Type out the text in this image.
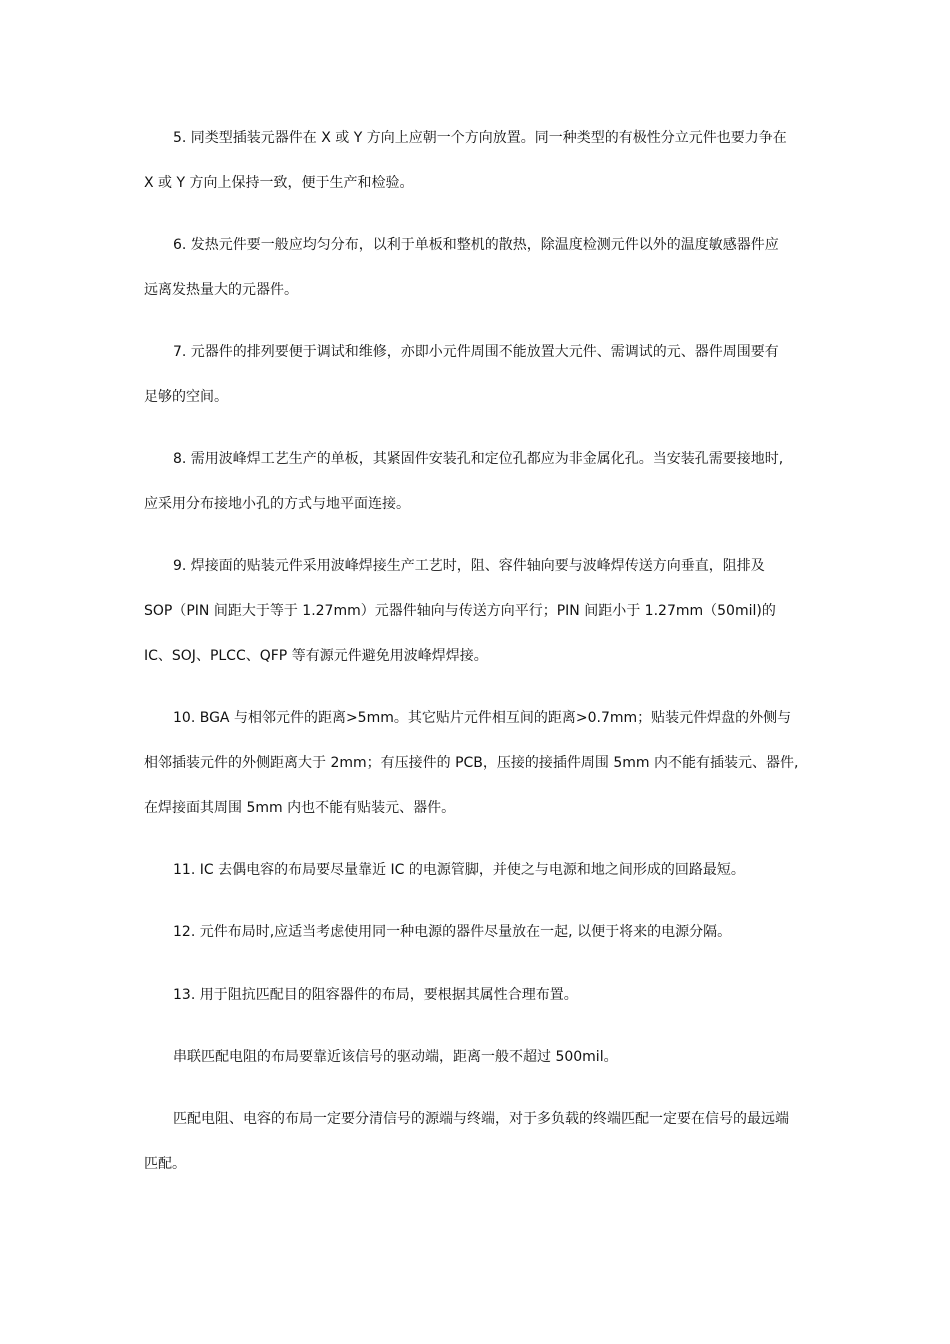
5. 同类型插装元器件在 X 或 Y 方向上应朝一个方向放置。同一种类型的有极性分立元件也要力争在
X 或 Y 方向上保持一致，便于生产和检验。
6. 发热元件要一般应均匀分布，以利于单板和整机的散热，除温度检测元件以外的温度敏感器件应
远离发热量大的元器件。
7. 元器件的排列要便于调试和维修，亦即小元件周围不能放置大元件、需调试的元、器件周围要有
足够的空间。
8. 需用波峰焊工艺生产的单板，其紧固件安装孔和定位孔都应为非金属化孔。当安装孔需要接地时,
应采用分布接地小孔的方式与地平面连接。
9. 焊接面的贴装元件采用波峰焊接生产工艺时，阻、容件轴向要与波峰焊传送方向垂直，阻排及
SOP（PIN 间距大于等于 1.27mm）元器件轴向与传送方向平行；PIN 间距小于 1.27mm（50mil)的
IC、SOJ、PLCC、QFP 等有源元件避免用波峰焊焊接。
10. BGA 与相邻元件的距离>5mm。其它贴片元件相互间的距离>0.7mm；贴装元件焊盘的外侧与
相邻插装元件的外侧距离大于 2mm；有压接件的 PCB，压接的接插件周围 5mm 内不能有插装元、器件,
在焊接面其周围 5mm 内也不能有贴装元、器件。
11. IC 去偶电容的布局要尽量靠近 IC 的电源管脚，并使之与电源和地之间形成的回路最短。
12. 元件布局时,应适当考虑使用同一种电源的器件尽量放在一起, 以便于将来的电源分隔。
13. 用于阻抗匹配目的阻容器件的布局，要根据其属性合理布置。
串联匹配电阻的布局要靠近该信号的驱动端，距离一般不超过 500mil。
匹配电阻、电容的布局一定要分清信号的源端与终端，对于多负载的终端匹配一定要在信号的最远端
匹配。
